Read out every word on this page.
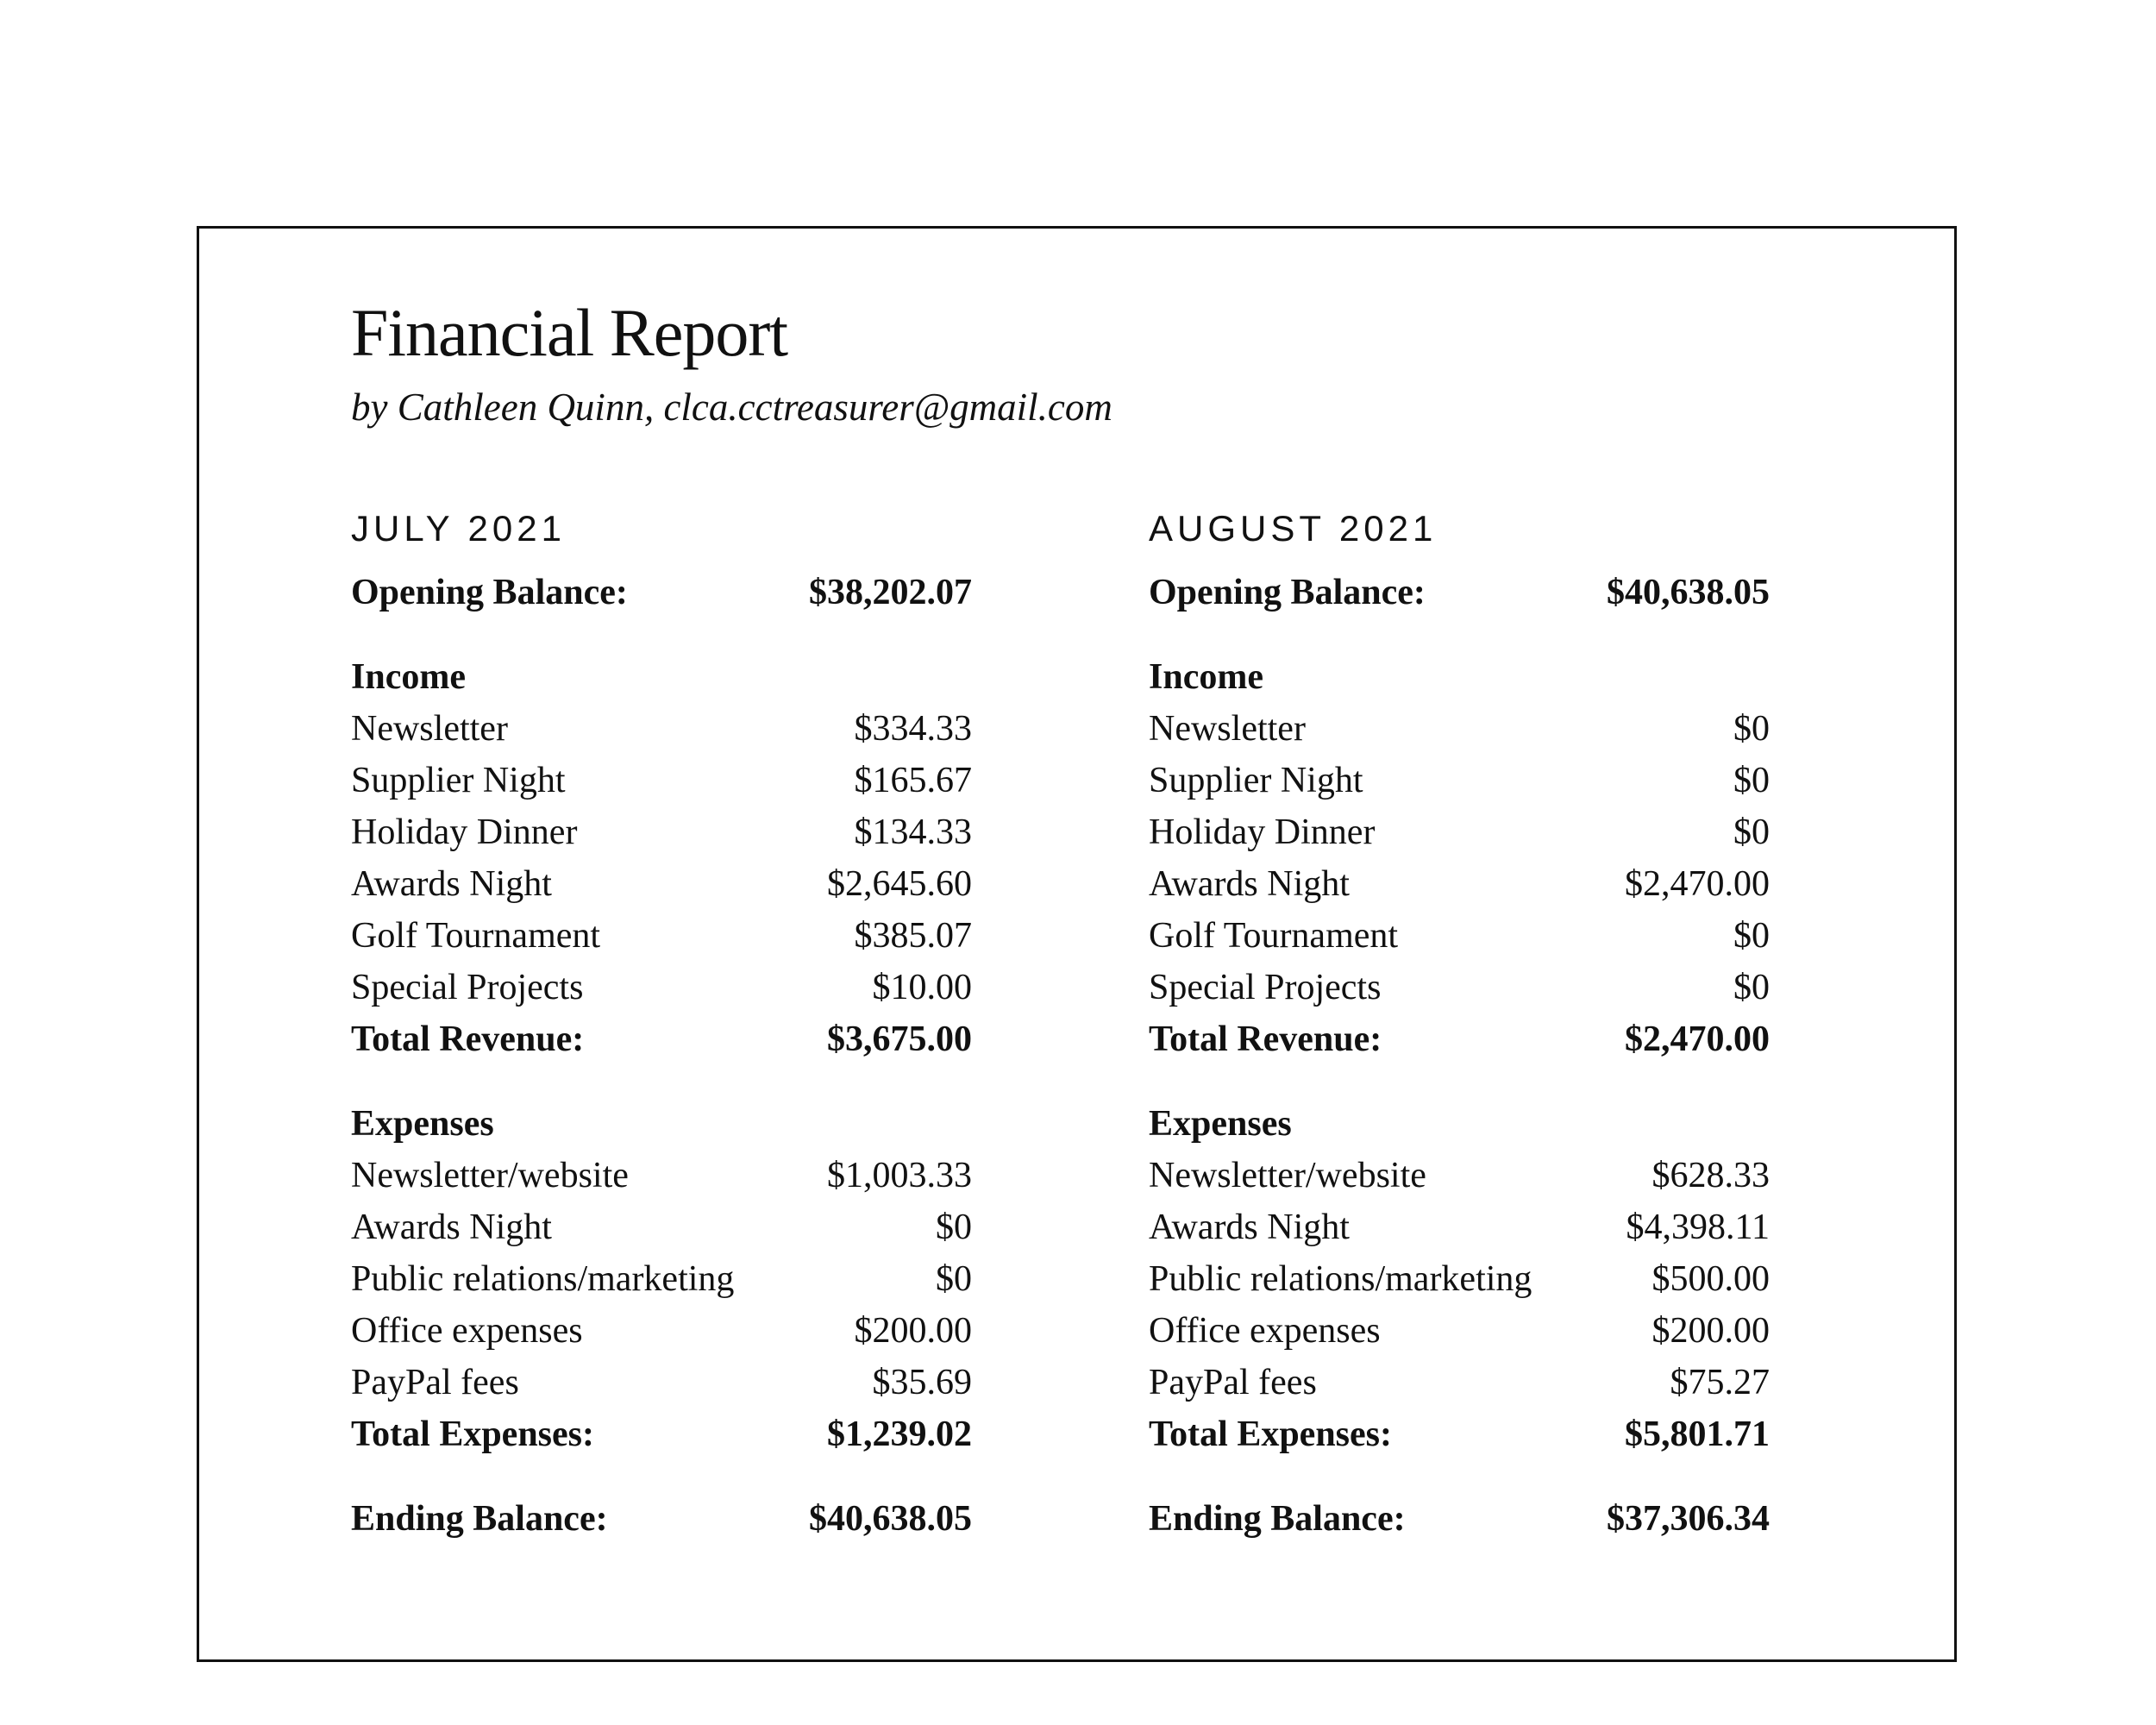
Financial Report

by Cathleen Quinn, clca.cctreasurer@gmail.com

JULY 2021
Opening Balance:	$38,202.07
Income
Newsletter	$334.33
Supplier Night	$165.67
Holiday Dinner	$134.33
Awards Night	$2,645.60
Golf Tournament	$385.07
Special Projects	$10.00
Total Revenue:	$3,675.00
Expenses
Newsletter/website	$1,003.33
Awards Night	$0
Public relations/marketing	$0
Office expenses	$200.00
PayPal fees	$35.69
Total Expenses:	$1,239.02
Ending Balance:	$40,638.05
AUGUST 2021
Opening Balance:	$40,638.05
Income
Newsletter	$0
Supplier Night	$0
Holiday Dinner	$0
Awards Night	$2,470.00
Golf Tournament	$0
Special Projects	$0
Total Revenue:	$2,470.00
Expenses
Newsletter/website	$628.33
Awards Night	$4,398.11
Public relations/marketing	$500.00
Office expenses	$200.00
PayPal fees	$75.27
Total Expenses:	$5,801.71
Ending Balance:	$37,306.34
